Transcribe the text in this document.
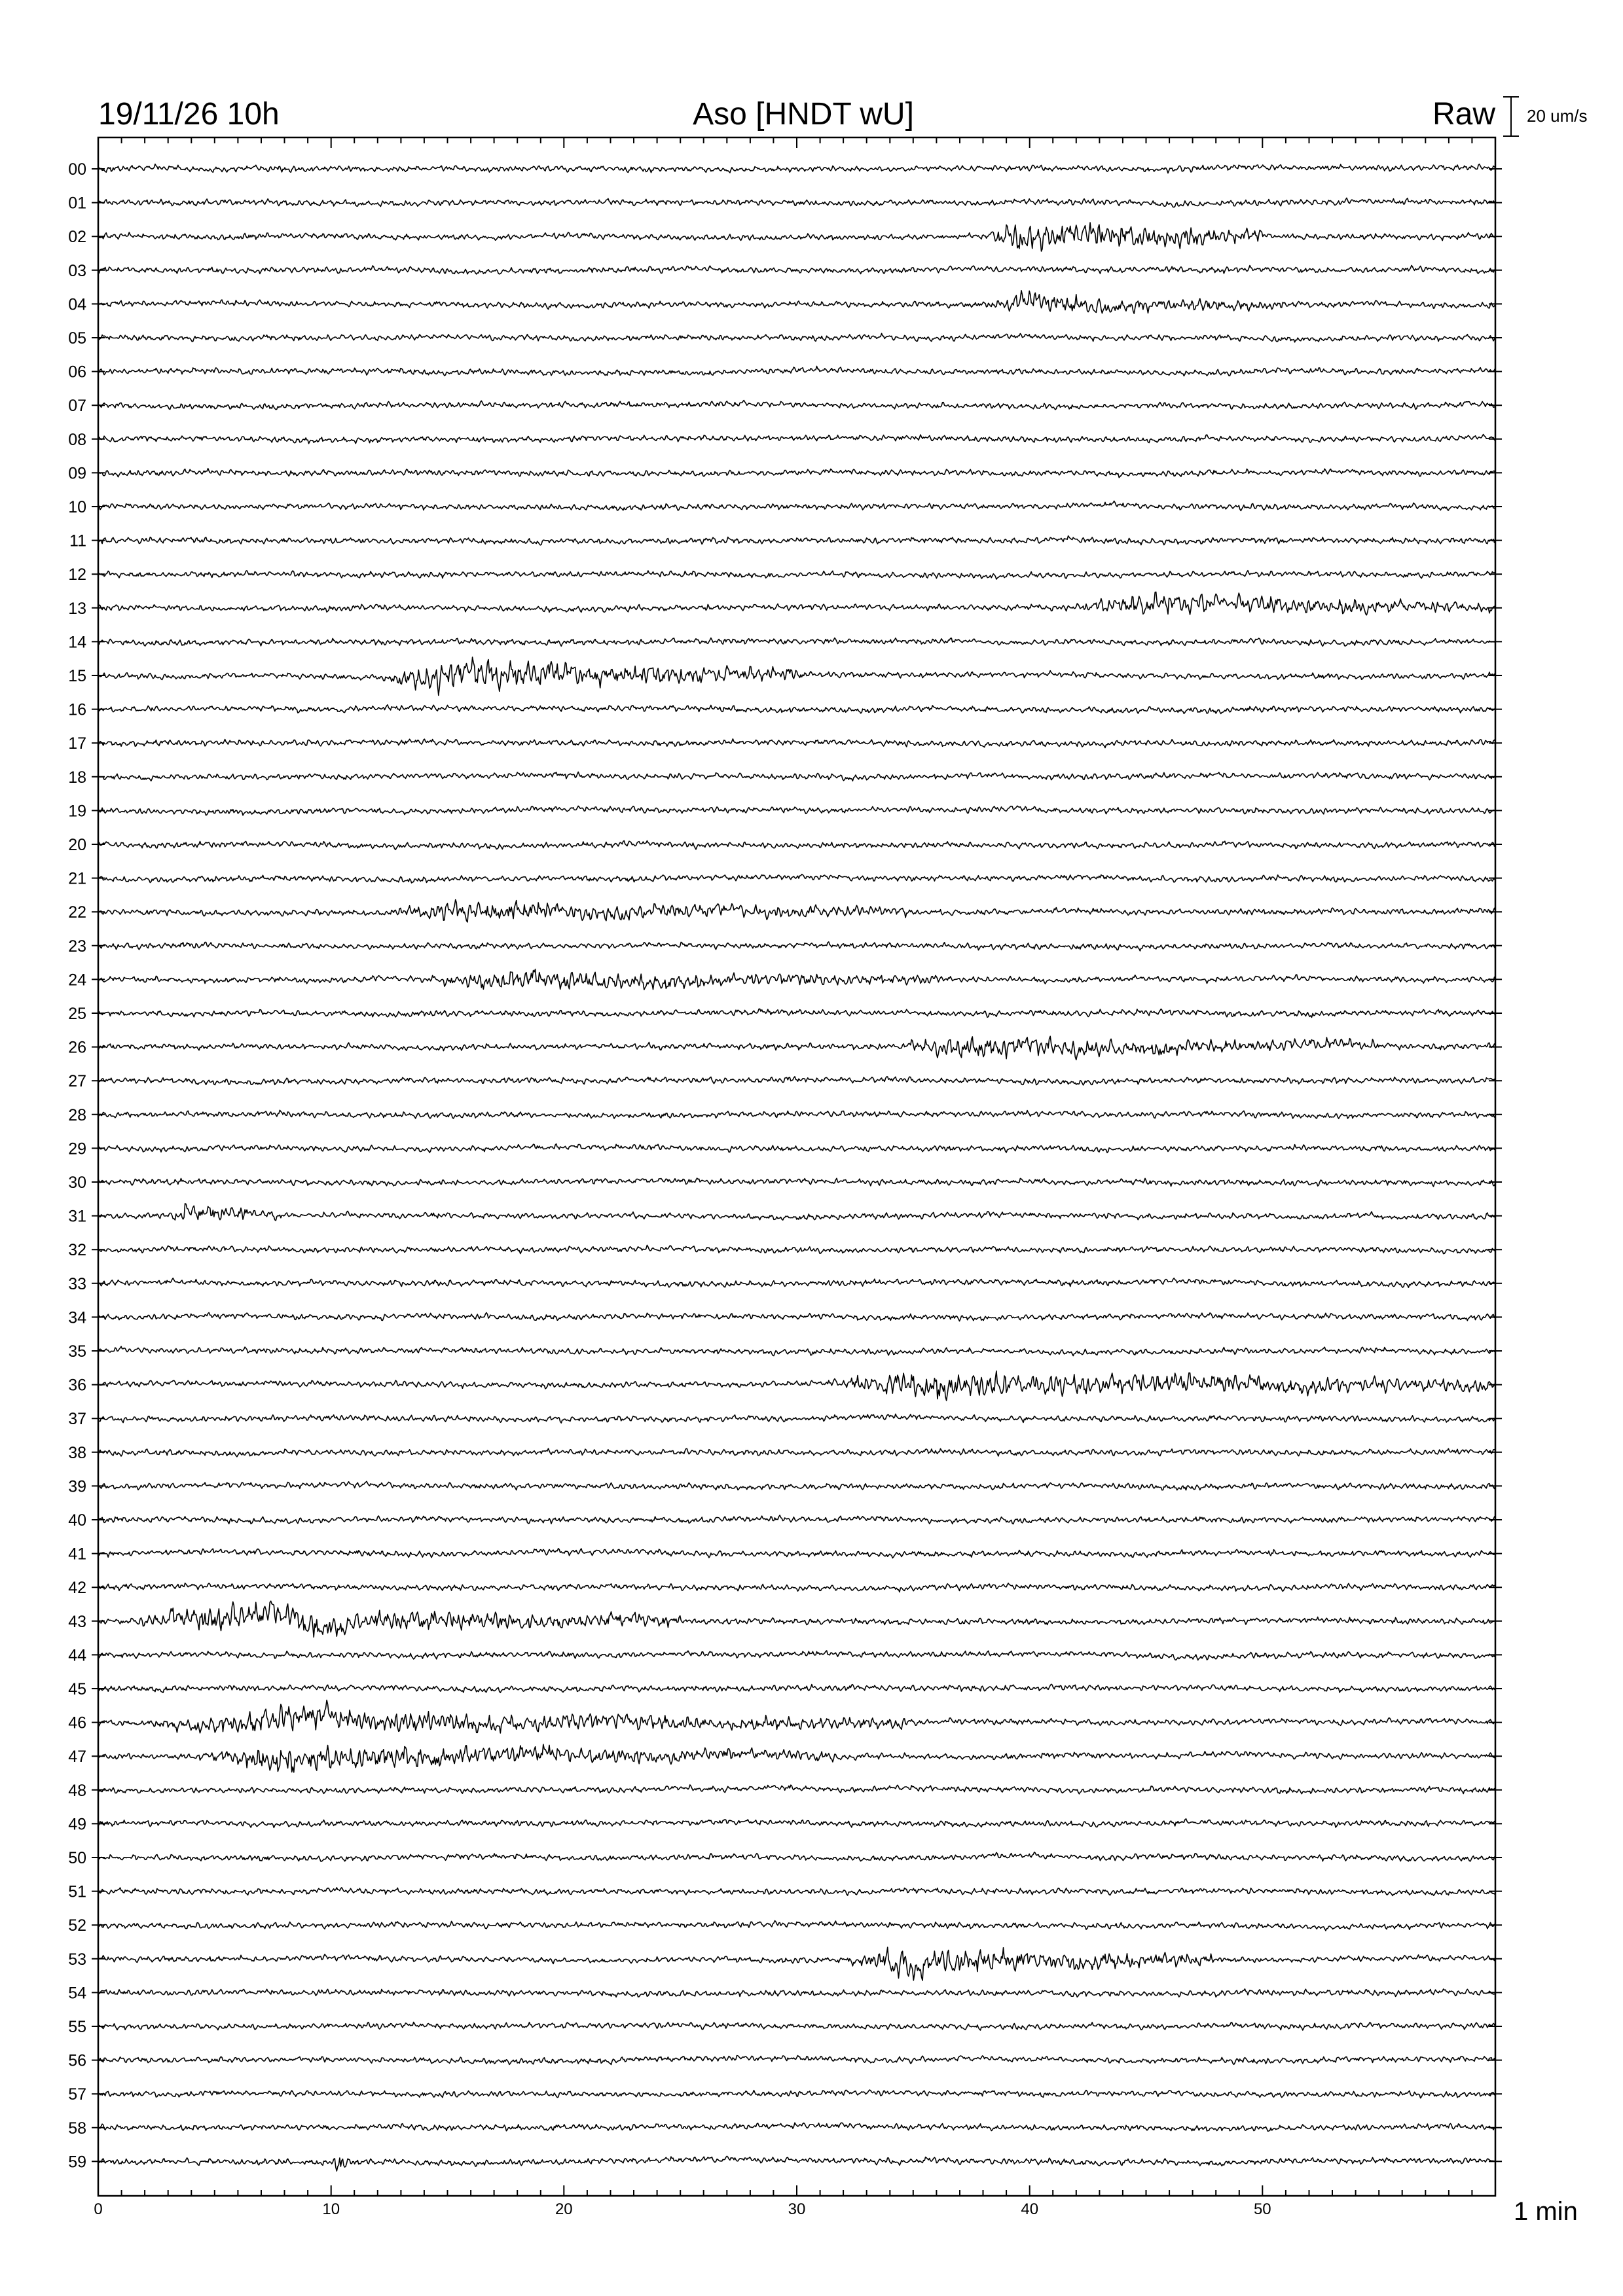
19/11/26 10h	Aso [HNDT wU]	Raw 20 um/s
00
01
02
03
04
05
06
07
08
09
10
11
12
13
14
15
16
17
18
19
20
21
22
23
24
25
26
27
28
29
30
31
32
33
34
35
36
37
38
39
40
41
42
43
44
45
46
47
48
49
50
51
52
53
54
55
56
57
58
59
0	10	20	30	40	50	1 min
